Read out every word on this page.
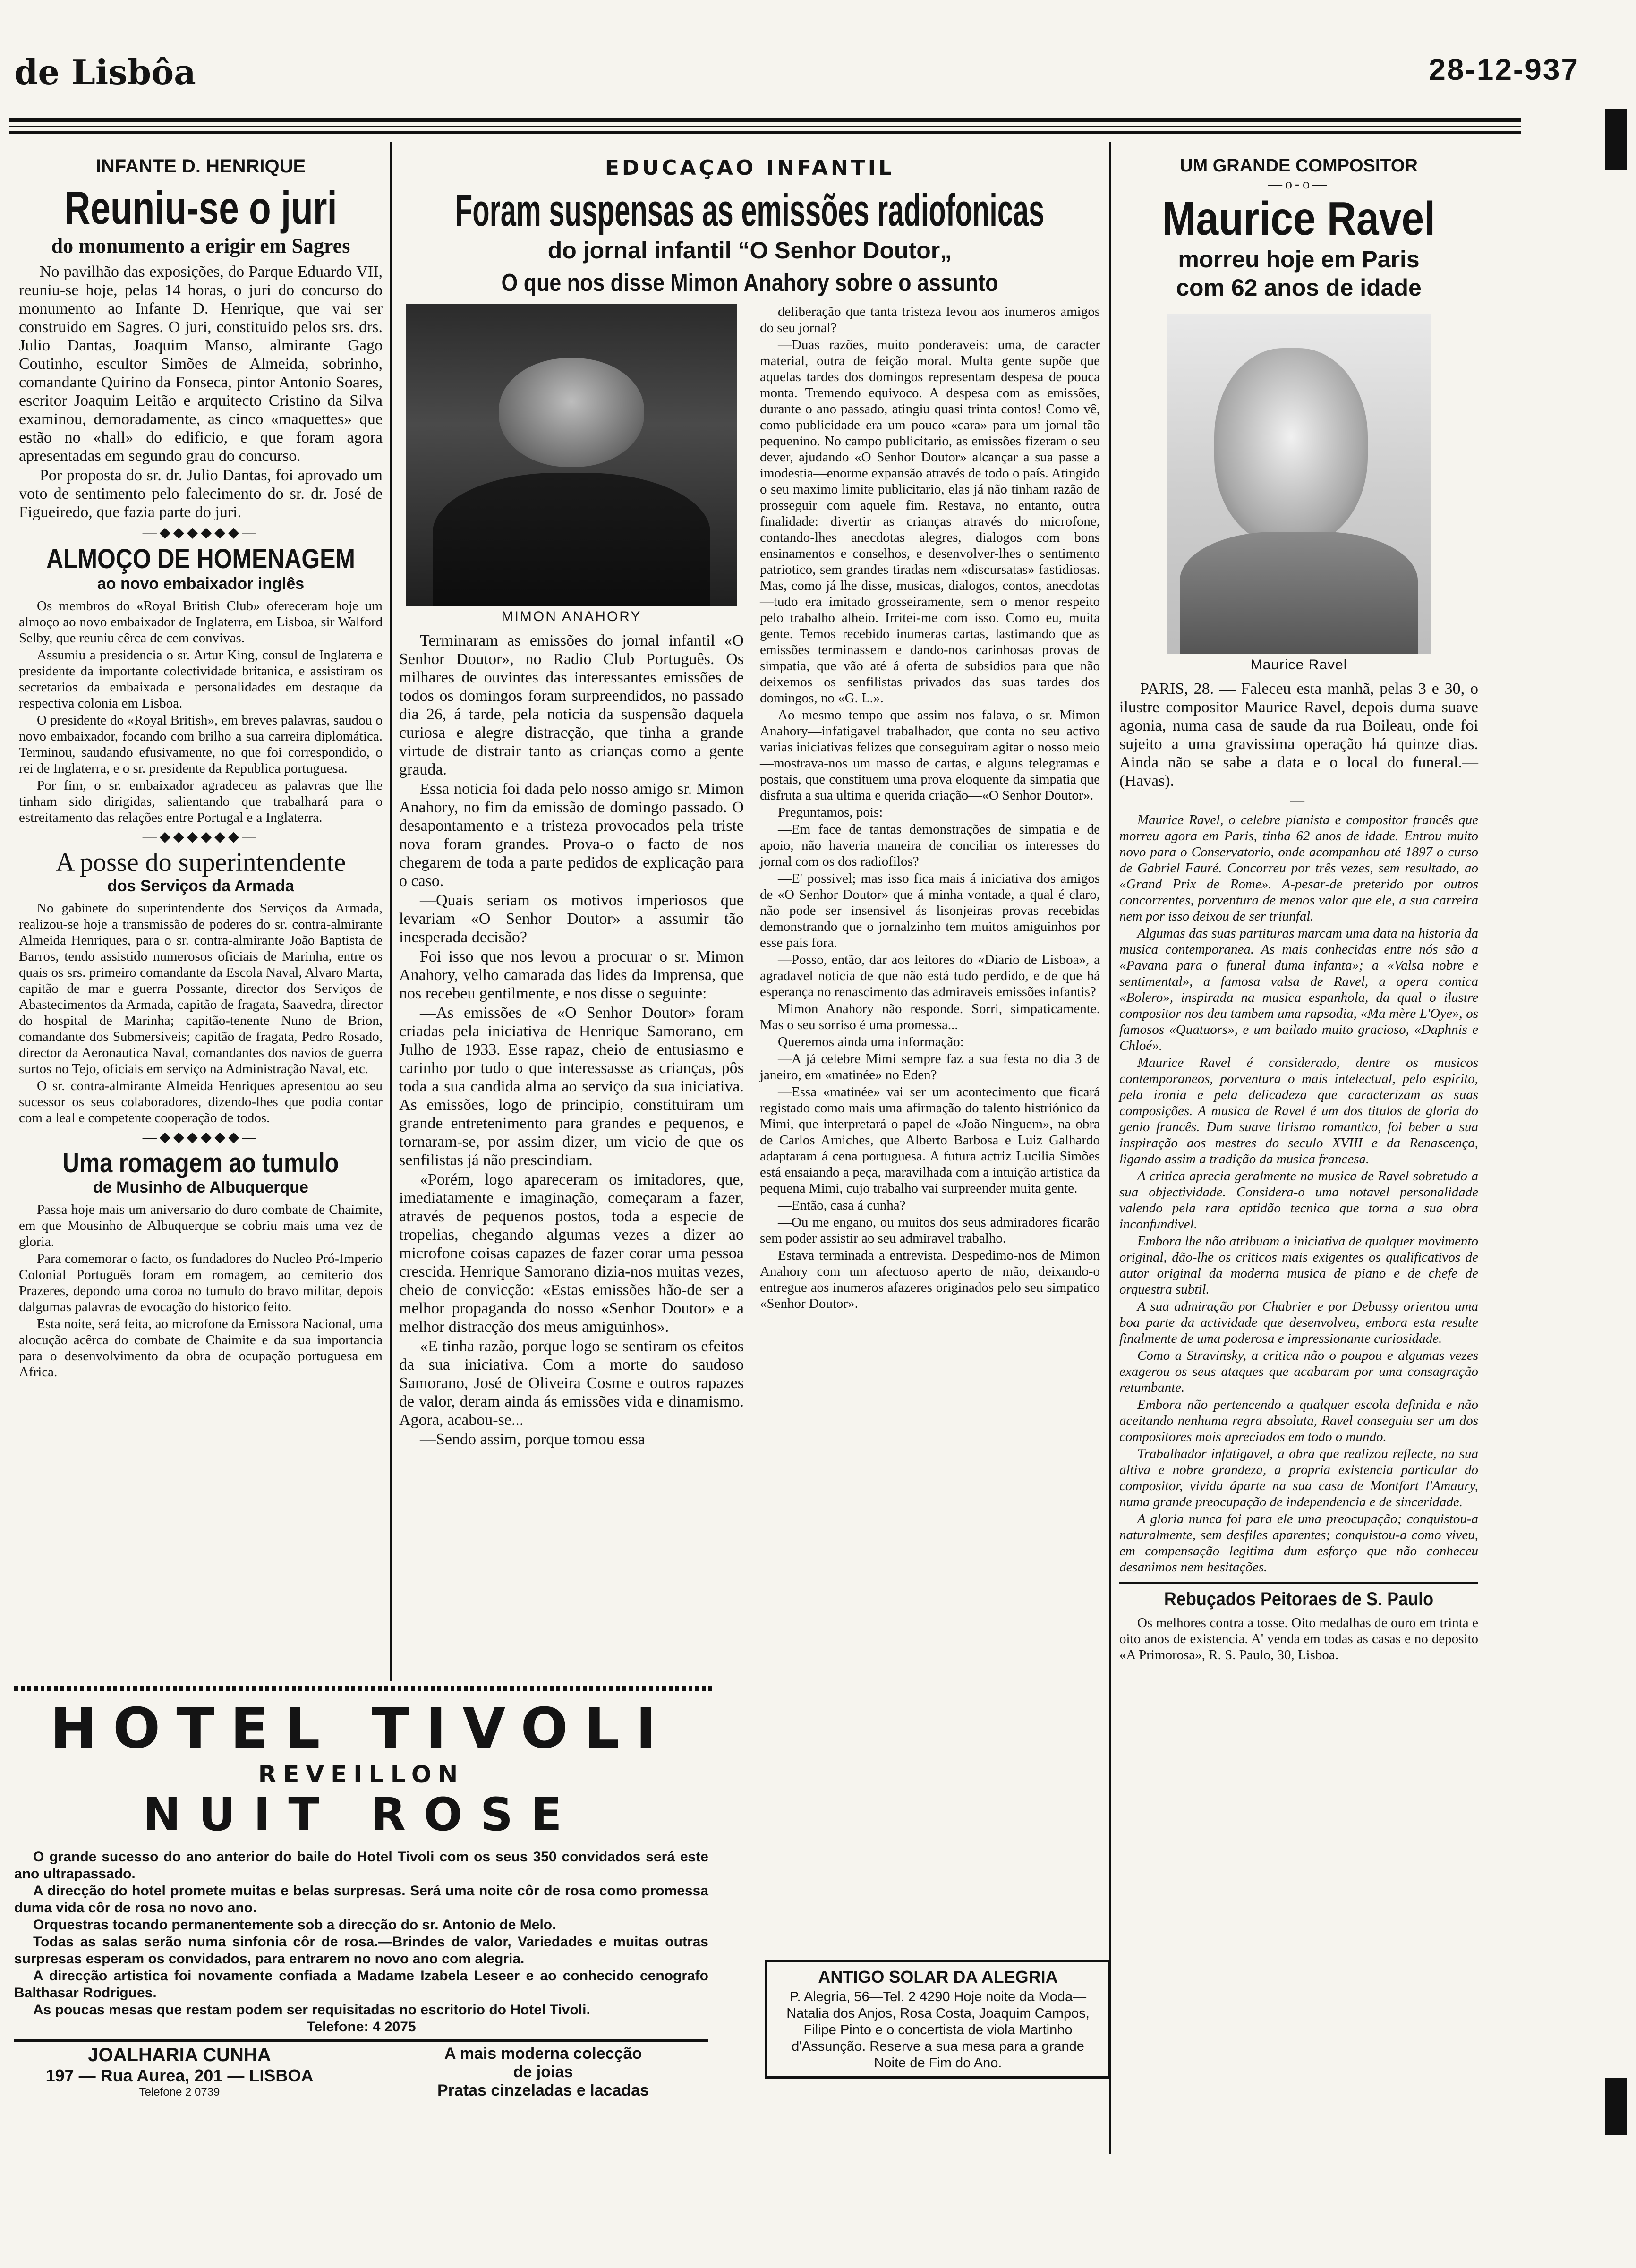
de Lisbôa	28-12-937

INFANTE D. HENRIQUE

Reuniu-se o juri

do monumento a erigir em Sagres

No pavilhão das exposições, do Parque Eduardo VII, reuniu-se hoje, pelas 14 horas, o juri do concurso do monumento ao Infante D. Henrique, que vai ser construido em Sagres. O juri, constituido pelos srs. drs. Julio Dantas, Joaquim Manso, almirante Gago Coutinho, escultor Simões de Almeida, sobrinho, comandante Quirino da Fonseca, pintor Antonio Soares, escritor Joaquim Leitão e arquitecto Cristino da Silva examinou, demoradamente, as cinco «maquettes» que estão no «hall» do edificio, e que foram agora apresentadas em segundo grau do concurso.

Por proposta do sr. dr. Julio Dantas, foi aprovado um voto de sentimento pelo falecimento do sr. dr. José de Figueiredo, que fazia parte do juri.

—◆◆◆◆◆◆—

ALMOÇO DE HOMENAGEM

ao novo embaixador inglês

Os membros do «Royal British Club» ofereceram hoje um almoço ao novo embaixador de Inglaterra, em Lisboa, sir Walford Selby, que reuniu cêrca de cem convivas.

Assumiu a presidencia o sr. Artur King, consul de Inglaterra e presidente da importante colectividade britanica, e assistiram os secretarios da embaixada e personalidades em destaque da respectiva colonia em Lisboa.

O presidente do «Royal British», em breves palavras, saudou o novo embaixador, focando com brilho a sua carreira diplomática. Terminou, saudando efusivamente, no que foi correspondido, o rei de Inglaterra, e o sr. presidente da Republica portuguesa.

Por fim, o sr. embaixador agradeceu as palavras que lhe tinham sido dirigidas, salientando que trabalhará para o estreitamento das relações entre Portugal e a Inglaterra.

—◆◆◆◆◆◆—

A posse do superintendente

dos Serviços da Armada

No gabinete do superintendente dos Serviços da Armada, realizou-se hoje a transmissão de poderes do sr. contra-almirante Almeida Henriques, para o sr. contra-almirante João Baptista de Barros, tendo assistido numerosos oficiais de Marinha, entre os quais os srs. primeiro comandante da Escola Naval, Alvaro Marta, capitão de mar e guerra Possante, director dos Serviços de Abastecimentos da Armada, capitão de fragata, Saavedra, director do hospital de Marinha; capitão-tenente Nuno de Brion, comandante dos Submersiveis; capitão de fragata, Pedro Rosado, director da Aeronautica Naval, comandantes dos navios de guerra surtos no Tejo, oficiais em serviço na Administração Naval, etc.

O sr. contra-almirante Almeida Henriques apresentou ao seu sucessor os seus colaboradores, dizendo-lhes que podia contar com a leal e competente cooperação de todos.

—◆◆◆◆◆◆—

Uma romagem ao tumulo

de Musinho de Albuquerque

Passa hoje mais um aniversario do duro combate de Chaimite, em que Mousinho de Albuquerque se cobriu mais uma vez de gloria.

Para comemorar o facto, os fundadores do Nucleo Pró-Imperio Colonial Português foram em romagem, ao cemiterio dos Prazeres, depondo uma coroa no tumulo do bravo militar, depois dalgumas palavras de evocação do historico feito.

Esta noite, será feita, ao microfone da Emissora Nacional, uma alocução acêrca do combate de Chaimite e da sua importancia para o desenvolvimento da obra de ocupação portuguesa em Africa.

EDUCAÇAO INFANTIL

Foram suspensas as emissões radiofonicas

do jornal infantil “O Senhor Doutor„

O que nos disse Mimon Anahory sobre o assunto

MIMON ANAHORY

Terminaram as emissões do jornal infantil «O Senhor Doutor», no Radio Club Português. Os milhares de ouvintes das interessantes emissões de todos os domingos foram surpreendidos, no passado dia 26, á tarde, pela noticia da suspensão daquela curiosa e alegre distracção, que tinha a grande virtude de distrair tanto as crianças como a gente grauda.

Essa noticia foi dada pelo nosso amigo sr. Mimon Anahory, no fim da emissão de domingo passado. O desapontamento e a tristeza provocados pela triste nova foram grandes. Prova-o o facto de nos chegarem de toda a parte pedidos de explicação para o caso.

—Quais seriam os motivos imperiosos que levariam «O Senhor Doutor» a assumir tão inesperada decisão?

Foi isso que nos levou a procurar o sr. Mimon Anahory, velho camarada das lides da Imprensa, que nos recebeu gentilmente, e nos disse o seguinte:

—As emissões de «O Senhor Doutor» foram criadas pela iniciativa de Henrique Samorano, em Julho de 1933. Esse rapaz, cheio de entusiasmo e carinho por tudo o que interessasse as crianças, pôs toda a sua candida alma ao serviço da sua iniciativa. As emissões, logo de principio, constituiram um grande entretenimento para grandes e pequenos, e tornaram-se, por assim dizer, um vicio de que os senfilistas já não prescindiam.

«Porém, logo apareceram os imitadores, que, imediatamente e imaginação, começaram a fazer, através de pequenos postos, toda a especie de tropelias, chegando algumas vezes a dizer ao microfone coisas capazes de fazer corar uma pessoa crescida. Henrique Samorano dizia-nos muitas vezes, cheio de convicção: «Estas emissões hão-de ser a melhor propaganda do nosso «Senhor Doutor» e a melhor distracção dos meus amiguinhos».

«E tinha razão, porque logo se sentiram os efeitos da sua iniciativa. Com a morte do saudoso Samorano, José de Oliveira Cosme e outros rapazes de valor, deram ainda ás emissões vida e dinamismo. Agora, acabou-se...

—Sendo assim, porque tomou essa

deliberação que tanta tristeza levou aos inumeros amigos do seu jornal?

—Duas razões, muito ponderaveis: uma, de caracter material, outra de feição moral. Multa gente supõe que aquelas tardes dos domingos representam despesa de pouca monta. Tremendo equivoco. A despesa com as emissões, durante o ano passado, atingiu quasi trinta contos! Como vê, como publicidade era um pouco «cara» para um jornal tão pequenino. No campo publicitario, as emissões fizeram o seu dever, ajudando «O Senhor Doutor» alcançar a sua passe a imodestia—enorme expansão através de todo o país. Atingido o seu maximo limite publicitario, elas já não tinham razão de prosseguir com aquele fim. Restava, no entanto, outra finalidade: divertir as crianças através do microfone, contando-lhes anecdotas alegres, dialogos com bons ensinamentos e conselhos, e desenvolver-lhes o sentimento patriotico, sem grandes tiradas nem «discursatas» fastidiosas. Mas, como já lhe disse, musicas, dialogos, contos, anecdotas—tudo era imitado grosseiramente, sem o menor respeito pelo trabalho alheio. Irritei-me com isso. Como eu, muita gente. Temos recebido inumeras cartas, lastimando que as emissões terminassem e dando-nos carinhosas provas de simpatia, que vão até á oferta de subsidios para que não deixemos os senfilistas privados das suas tardes dos domingos, no «G. L.».

Ao mesmo tempo que assim nos falava, o sr. Mimon Anahory—infatigavel trabalhador, que conta no seu activo varias iniciativas felizes que conseguiram agitar o nosso meio—mostrava-nos um masso de cartas, e alguns telegramas e postais, que constituem uma prova eloquente da simpatia que disfruta a sua ultima e querida criação—«O Senhor Doutor».

Preguntamos, pois:

—Em face de tantas demonstrações de simpatia e de apoio, não haveria maneira de conciliar os interesses do jornal com os dos radiofilos?

—E' possivel; mas isso fica mais á iniciativa dos amigos de «O Senhor Doutor» que á minha vontade, a qual é claro, não pode ser insensivel ás lisonjeiras provas recebidas demonstrando que o jornalzinho tem muitos amiguinhos por esse país fora.

—Posso, então, dar aos leitores do «Diario de Lisboa», a agradavel noticia de que não está tudo perdido, e de que há esperança no renascimento das admiraveis emissões infantis?

Mimon Anahory não responde. Sorri, simpaticamente. Mas o seu sorriso é uma promessa...

Queremos ainda uma informação:

—A já celebre Mimi sempre faz a sua festa no dia 3 de janeiro, em «matinée» no Eden?

—Essa «matinée» vai ser um acontecimento que ficará registado como mais uma afirmação do talento histriónico da Mimi, que interpretará o papel de «João Ninguem», na obra de Carlos Arniches, que Alberto Barbosa e Luiz Galhardo adaptaram á cena portuguesa. A futura actriz Lucilia Simões está ensaiando a peça, maravilhada com a intuição artistica da pequena Mimi, cujo trabalho vai surpreender muita gente.

—Então, casa á cunha?

—Ou me engano, ou muitos dos seus admiradores ficarão sem poder assistir ao seu admiravel trabalho.

Estava terminada a entrevista. Despedimo-nos de Mimon Anahory com um afectuoso aperto de mão, deixando-o entregue aos inumeros afazeres originados pelo seu simpatico «Senhor Doutor».

UM GRANDE COMPOSITOR

—o-o—

Maurice Ravel

morreu hoje em Paris com 62 anos de idade

Maurice Ravel

PARIS, 28. — Faleceu esta manhã, pelas 3 e 30, o ilustre compositor Maurice Ravel, depois duma suave agonia, numa casa de saude da rua Boileau, onde foi sujeito a uma gravissima operação há quinze dias. Ainda não se sabe a data e o local do funeral.—(Havas).

—

Maurice Ravel, o celebre pianista e compositor francês que morreu agora em Paris, tinha 62 anos de idade. Entrou muito novo para o Conservatorio, onde acompanhou até 1897 o curso de Gabriel Fauré. Concorreu por três vezes, sem resultado, ao «Grand Prix de Rome». A-pesar-de preterido por outros concorrentes, porventura de menos valor que ele, a sua carreira nem por isso deixou de ser triunfal.

Algumas das suas partituras marcam uma data na historia da musica contemporanea. As mais conhecidas entre nós são a «Pavana para o funeral duma infanta»; a «Valsa nobre e sentimental», a famosa valsa de Ravel, a opera comica «Bolero», inspirada na musica espanhola, da qual o ilustre compositor nos deu tambem uma rapsodia, «Ma mère L'Oye», os famosos «Quatuors», e um bailado muito gracioso, «Daphnis e Chloé».

Maurice Ravel é considerado, dentre os musicos contemporaneos, porventura o mais intelectual, pelo espirito, pela ironia e pela delicadeza que caracterizam as suas composições. A musica de Ravel é um dos titulos de gloria do genio francês. Dum suave lirismo romantico, foi beber a sua inspiração aos mestres do seculo XVIII e da Renascença, ligando assim a tradição da musica francesa.

A critica aprecia geralmente na musica de Ravel sobretudo a sua objectividade. Considera-o uma notavel personalidade valendo pela rara aptidão tecnica que torna a sua obra inconfundivel.

Embora lhe não atribuam a iniciativa de qualquer movimento original, dão-lhe os criticos mais exigentes os qualificativos de autor original da moderna musica de piano e de chefe de orquestra subtil.

A sua admiração por Chabrier e por Debussy orientou uma boa parte da actividade que desenvolveu, embora esta resulte finalmente de uma poderosa e impressionante curiosidade.

Como a Stravinsky, a critica não o poupou e algumas vezes exagerou os seus ataques que acabaram por uma consagração retumbante.

Embora não pertencendo a qualquer escola definida e não aceitando nenhuma regra absoluta, Ravel conseguiu ser um dos compositores mais apreciados em todo o mundo.

Trabalhador infatigavel, a obra que realizou reflecte, na sua altiva e nobre grandeza, a propria existencia particular do compositor, vivida áparte na sua casa de Montfort l'Amaury, numa grande preocupação de independencia e de sinceridade.

A gloria nunca foi para ele uma preocupação; conquistou-a naturalmente, sem desfiles aparentes; conquistou-a como viveu, em compensação legitima dum esforço que não conheceu desanimos nem hesitações.

Rebuçados Peitoraes de S. Paulo

Os melhores contra a tosse. Oito medalhas de ouro em trinta e oito anos de existencia. A' venda em todas as casas e no deposito «A Primorosa», R. S. Paulo, 30, Lisboa.

HOTEL TIVOLI

REVEILLON

NUIT ROSE

O grande sucesso do ano anterior do baile do Hotel Tivoli com os seus 350 convidados será este ano ultrapassado.

A direcção do hotel promete muitas e belas surpresas. Será uma noite côr de rosa como promessa duma vida côr de rosa no novo ano.

Orquestras tocando permanentemente sob a direcção do sr. Antonio de Melo.

Todas as salas serão numa sinfonia côr de rosa.—Brindes de valor, Variedades e muitas outras surpresas esperam os convidados, para entrarem no novo ano com alegria.

A direcção artistica foi novamente confiada a Madame Izabela Leseer e ao conhecido cenografo Balthasar Rodrigues.

As poucas mesas que restam podem ser requisitadas no escritorio do Hotel Tivoli.

Telefone: 4 2075

JOALHARIA CUNHA
197 — Rua Aurea, 201 — LISBOA
Telefone 2 0739
A mais moderna colecção
de joias
Pratas cinzeladas e lacadas

ANTIGO SOLAR DA ALEGRIA

P. Alegria, 56—Tel. 2 4290 Hoje noite da Moda—Natalia dos Anjos, Rosa Costa, Joaquim Campos, Filipe Pinto e o concertista de viola Martinho d'Assunção. Reserve a sua mesa para a grande Noite de Fim do Ano.
